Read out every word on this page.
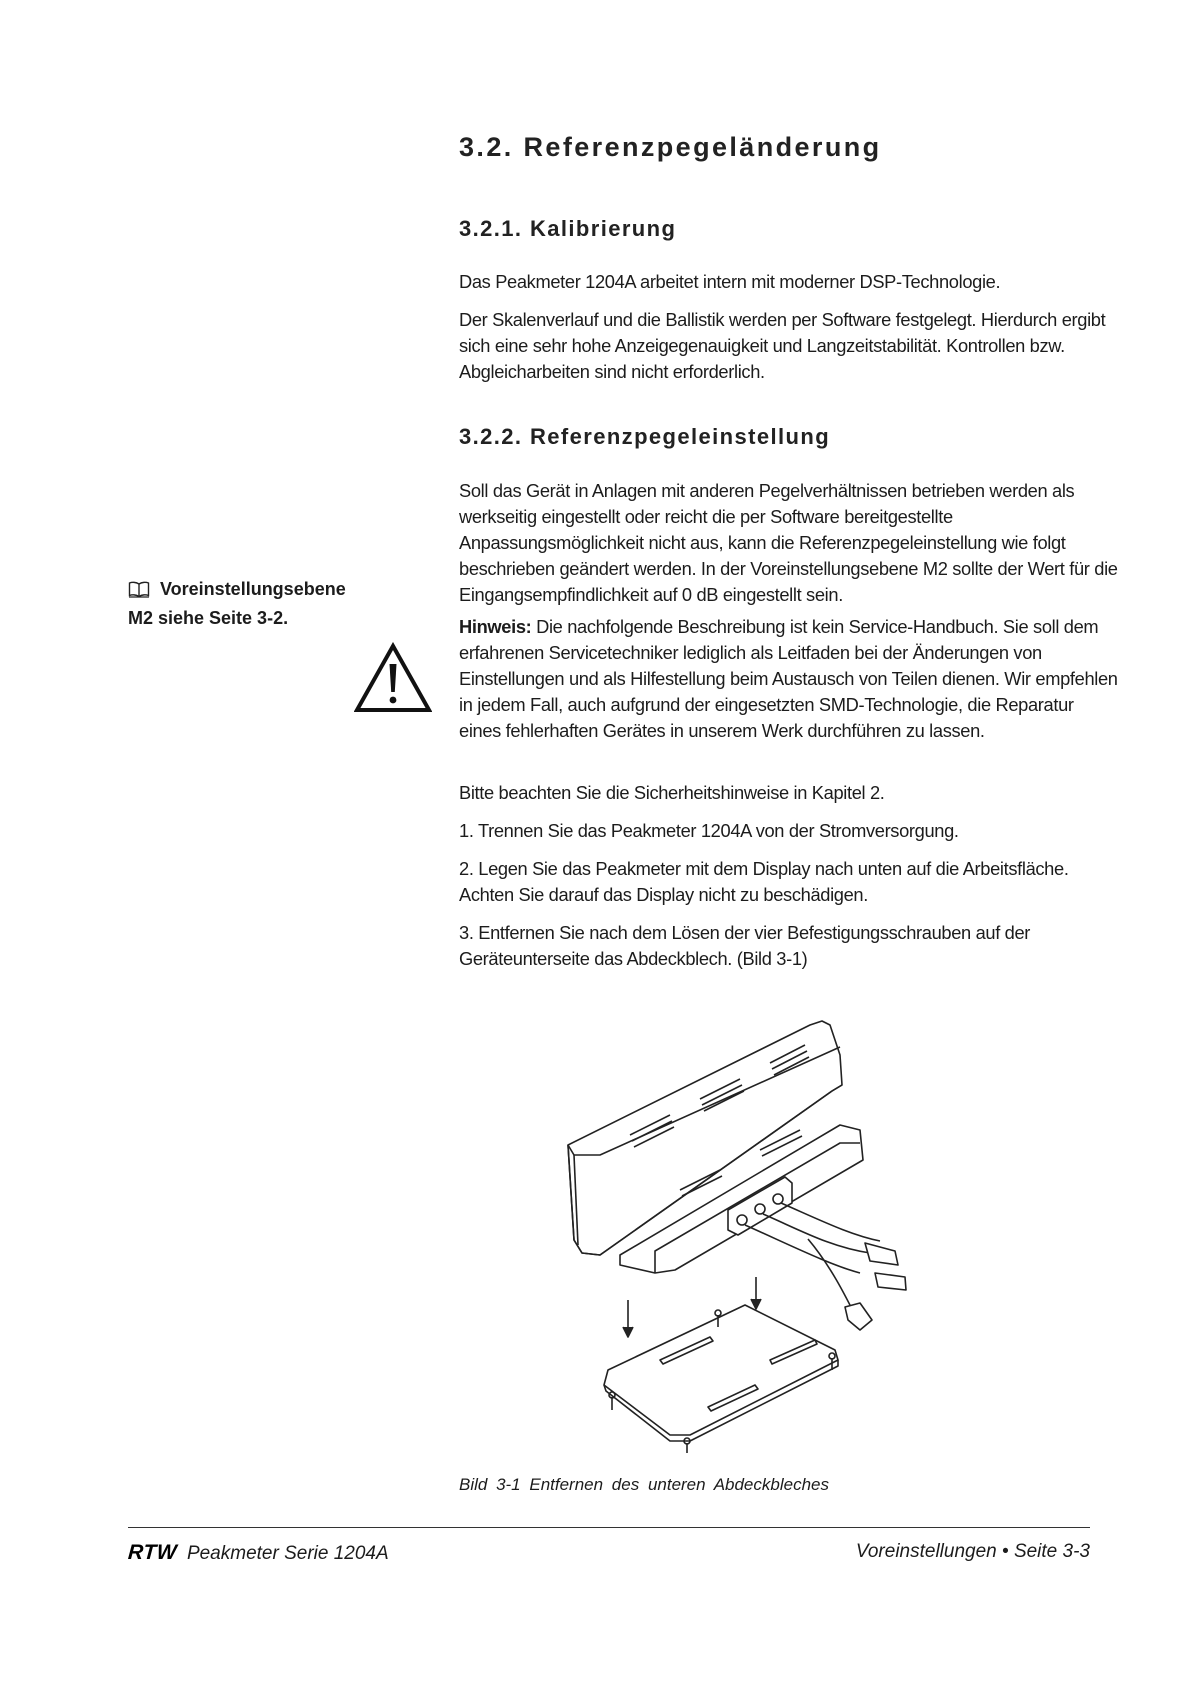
3.2. Referenzpegeländerung
3.2.1. Kalibrierung

Das Peakmeter 1204A arbeitet intern mit moderner DSP-Technologie.

Der Skalenverlauf und die Ballistik werden per Software festgelegt. Hierdurch ergibt sich eine sehr hohe Anzeigegenauigkeit und Langzeitstabilität. Kontrollen bzw. Abgleicharbeiten sind nicht erforderlich.

3.2.2. Referenzpegeleinstellung

Soll das Gerät in Anlagen mit anderen Pegelverhältnissen betrieben werden als werkseitig eingestellt oder reicht die per Software bereitgestellte Anpassungsmöglichkeit nicht aus, kann die Referenzpegeleinstellung wie folgt beschrieben geändert werden. In der Voreinstellungsebene M2 sollte der Wert für die Eingangsempfindlichkeit auf 0 dB eingestellt sein.

Hinweis: Die nachfolgende Beschreibung ist kein Service-Handbuch. Sie soll dem erfahrenen Servicetechniker lediglich als Leitfaden bei der Änderungen von Einstellungen und als Hilfestellung beim Austausch von Teilen dienen. Wir empfehlen in jedem Fall, auch aufgrund der eingesetzten SMD-Technologie, die Reparatur eines fehlerhaften Gerätes in unserem Werk durchführen zu lassen.

Bitte beachten Sie die Sicherheitshinweise in Kapitel 2.

1. Trennen Sie das Peakmeter 1204A von der Stromversorgung.

2. Legen Sie das Peakmeter mit dem Display nach unten auf die Arbeitsfläche. Achten Sie darauf das Display nicht zu beschädigen.

3. Entfernen Sie nach dem Lösen der vier Befestigungsschrauben auf der Geräteunterseite das Abdeckblech. (Bild 3-1)

Voreinstellungsebene
M2 siehe Seite 3-2.
Bild 3-1 Entfernen des unteren Abdeckbleches
RTW Peakmeter Serie 1204A	Voreinstellungen • Seite 3-3
